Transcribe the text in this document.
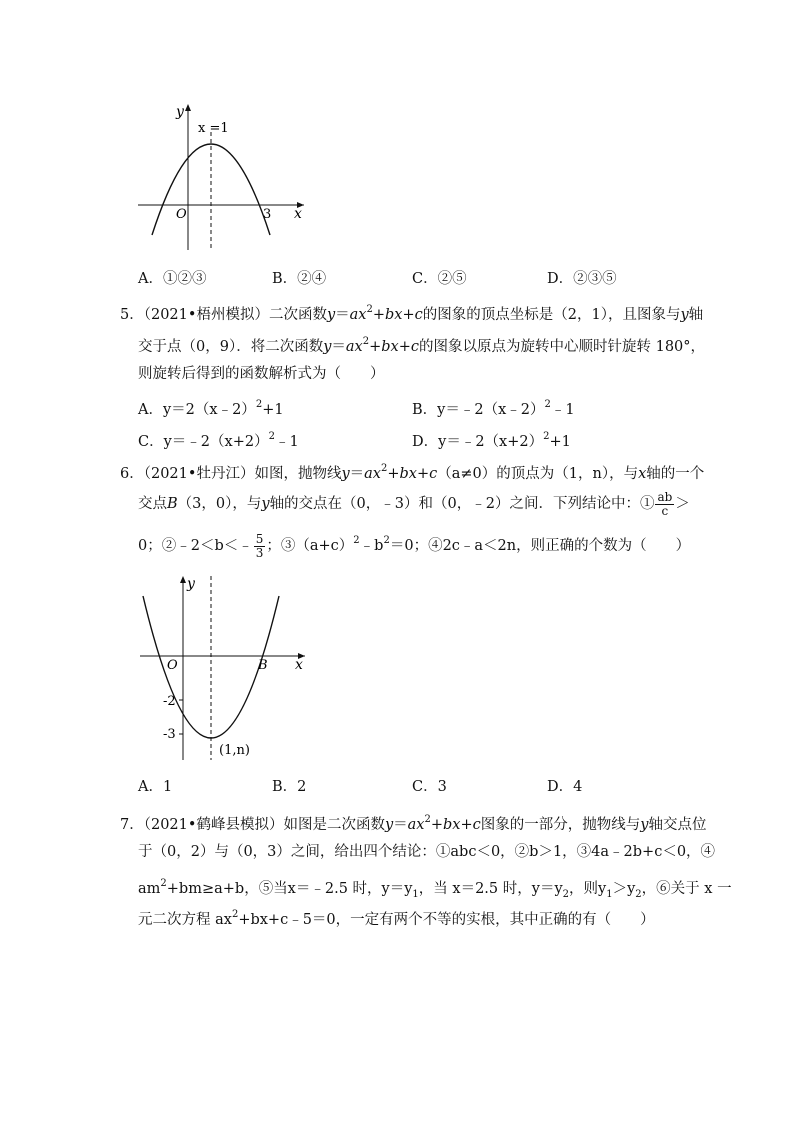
y
x
O
x =1
3
A．①②③	B．②④	C．②⑤	D．②③⑤
5．（2021•梧州模拟）二次函数$y=ax^2+bx+c$的图象的顶点坐标是（2，1），且图象与y轴
交于点（0，9）．将二次函数$y=ax^2+bx+c$的图象以原点为旋转中心顺时针旋转 180°，
则旋转后得到的函数解析式为（　　）
A．y＝2（x﹣2）$^2$+1	B．y＝﹣2（x﹣2）$^2$﹣1
C．$y=﹣2(x+2)^2﹣1$	D．$y=﹣2(x+2)^2+1$
6．（2021•牡丹江）如图，抛物线$y=ax^2+bx+c(a\ne 0)$的顶点为（1，n），与x轴的一个
交点B（3，0），与y轴的交点在（0，﹣3）和（0，﹣2）之间．下列结论中：① $\frac{ab}{c}$ ＞
0；②﹣2＜b＜﹣ $\frac{5}{3}$ ；$③(a+c)^2﹣b^2=0$；④2c﹣a＜2n，则正确的个数为（　　）
y
x
O	B
-2
-3
(1,n)
A．1	B．2	C．3	D．4
7．（2021•鹤峰县模拟）如图是二次函数$y=ax^2+bx+c$图象的一部分，抛物线与y轴交点位
于（0，2）与（0，3）之间，给出四个结论：①abc＜0，②b＞1，③4a﹣2b+c＜0，④
$am^2+bm\ge a+b$，⑤当x＝﹣2.5 时，$y=y_1$，当 x＝2.5 时，$y=y_2$，则$y_1>y_2$，⑥关于 x 一
元二次方程 $ax^2+bx+c﹣5=0$，一定有两个不等的实根，其中正确的有（　　）
